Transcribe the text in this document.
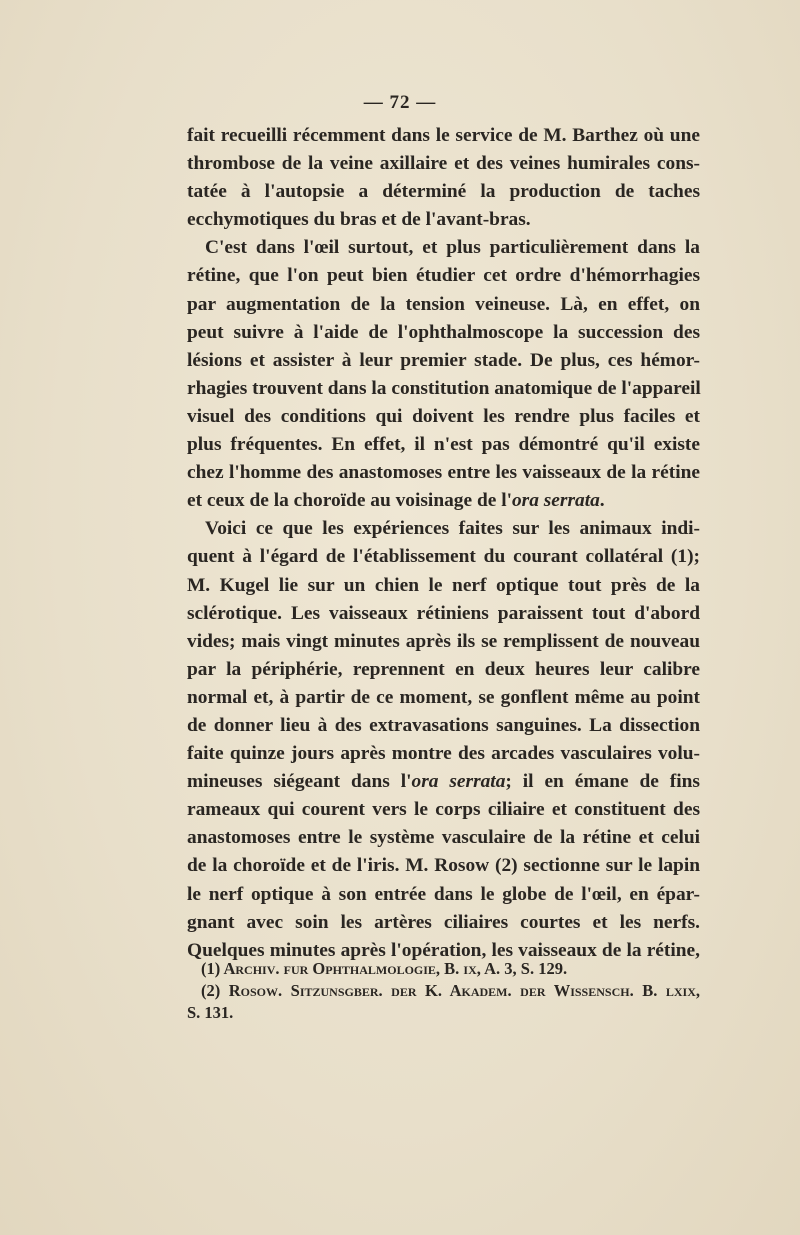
— 72 —
fait recueilli récemment dans le service de M. Barthez où une
thrombose de la veine axillaire et des veines humirales cons-
tatée à l'autopsie a déterminé la production de taches
ecchymotiques du bras et de l'avant-bras.
C'est dans l'œil surtout, et plus particulièrement dans la
rétine, que l'on peut bien étudier cet ordre d'hémorrhagies
par augmentation de la tension veineuse. Là, en effet, on
peut suivre à l'aide de l'ophthalmoscope la succession des
lésions et assister à leur premier stade. De plus, ces hémor-
rhagies trouvent dans la constitution anatomique de l'appareil
visuel des conditions qui doivent les rendre plus faciles et
plus fréquentes. En effet, il n'est pas démontré qu'il existe
chez l'homme des anastomoses entre les vaisseaux de la rétine
et ceux de la choroïde au voisinage de l'ora serrata.
Voici ce que les expériences faites sur les animaux indi-
quent à l'égard de l'établissement du courant collatéral (1);
M. Kugel lie sur un chien le nerf optique tout près de la
sclérotique. Les vaisseaux rétiniens paraissent tout d'abord
vides; mais vingt minutes après ils se remplissent de nouveau
par la périphérie, reprennent en deux heures leur calibre
normal et, à partir de ce moment, se gonflent même au point
de donner lieu à des extravasations sanguines. La dissection
faite quinze jours après montre des arcades vasculaires volu-
mineuses siégeant dans l'ora serrata; il en émane de fins
rameaux qui courent vers le corps ciliaire et constituent des
anastomoses entre le système vasculaire de la rétine et celui
de la choroïde et de l'iris. M. Rosow (2) sectionne sur le lapin
le nerf optique à son entrée dans le globe de l'œil, en épar-
gnant avec soin les artères ciliaires courtes et les nerfs.
Quelques minutes après l'opération, les vaisseaux de la rétine,
(1) Archiv. fur Ophthalmologie, B. ix, A. 3, S. 129.
(2) Rosow. Sitzunsgber. der K. Akadem. der Wissensch. B. lxix,
S. 131.
